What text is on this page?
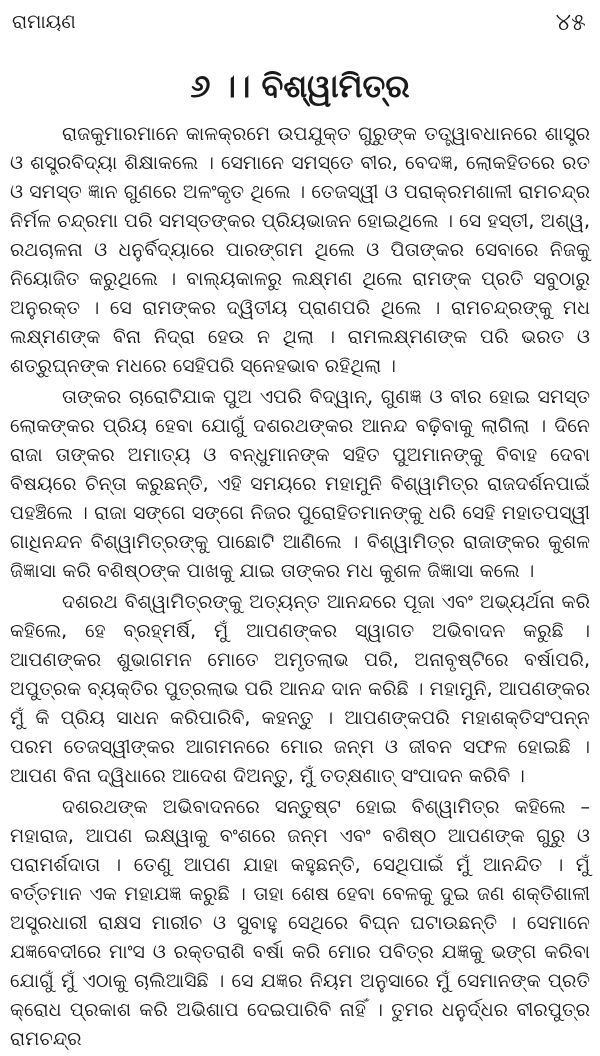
ରାମାୟଣ	୪୫
୬ ।। ବିଶ୍ୱାମିତ୍ର

ରାଜକୁମାରମାନେ କାଳକ୍ରମେ ଉପଯୁକ୍ତ ଗୁରୁଙ୍କ ତତ୍ତ୍ୱାବଧାନରେ ଶାସ୍ତ୍ର ଓ ଶସ୍ତ୍ରବିଦ୍ୟା ଶିକ୍ଷାକଲେ । ସେମାନେ ସମସ୍ତେ ବୀର, ବେଦଜ୍ଞ, ଲୋକହିତରେ ରତ ଓ ସମସ୍ତ ଜ୍ଞାନ ଗୁଣରେ ଅଳଂକୃତ ଥିଲେ । ତେଜସ୍ୱୀ ଓ ପରାକ୍ରମଶାଳୀ ରାମଚନ୍ଦ୍ର ନିର୍ମଳ ଚନ୍ଦ୍ରମା ପରି ସମସ୍ତଙ୍କର ପ୍ରିୟଭାଜନ ହୋଇଥିଲେ । ସେ ହସ୍ତୀ, ଅଶ୍ୱ, ରଥଚାଳନା ଓ ଧନୁର୍ବିଦ୍ୟାରେ ପାରଙ୍ଗମ ଥିଲେ ଓ ପିତାଙ୍କର ସେବାରେ ନିଜକୁ ନିୟୋଜିତ କରୁଥିଲେ । ବାଲ୍ୟକାଳରୁ ଲକ୍ଷ୍ମଣ ଥିଲେ ରାମଙ୍କ ପ୍ରତି ସବୁଠାରୁ ଅନୁରକ୍ତ । ସେ ରାମଙ୍କର ଦ୍ୱିତୀୟ ପ୍ରାଣପରି ଥିଲେ । ରାମଚନ୍ଦ୍ରଙ୍କୁ ମଧ ଲକ୍ଷ୍ମଣଙ୍କ ବିନା ନିଦ୍ରା ହେଉ ନ ଥିଲା । ରାମଲକ୍ଷ୍ମଣଙ୍କ ପରି ଭରତ ଓ ଶତ୍ରୁଘ୍ନଙ୍କ ମଧରେ ସେହିପରି ସ୍ନେହଭାବ ରହିଥିଲା ।

ତାଙ୍କର ଚାରୋଟିଯାକ ପୁଅ ଏପରି ବିଦ୍ୱାନ୍, ଗୁଣଜ୍ଞ ଓ ବୀର ହୋଇ ସମସ୍ତ ଲୋକଙ୍କର ପ୍ରିୟ ହେବା ଯୋଗୁଁ ଦଶରଥଙ୍କର ଆନନ୍ଦ ବଢ଼ିବାକୁ ଲାଗିଲା । ଦିନେ ରାଜା ତାଙ୍କର ଅମାତ୍ୟ ଓ ବନ୍ଧୁମାନଙ୍କ ସହିତ ପୁଅମାନଙ୍କୁ ବିବାହ ଦେବା ବିଷୟରେ ଚିନ୍ତା କରୁଛନ୍ତି, ଏହି ସମୟରେ ମହାମୁନି ବିଶ୍ୱାମିତ୍ର ରାଜଦର୍ଶନପାଇଁ ପହଞ୍ଚିଲେ । ରାଜା ସଙ୍ଗେ ସଙ୍ଗେ ନିଜର ପୁରୋହିତମାନଙ୍କୁ ଧରି ସେହି ମହାତପସ୍ୱୀ ଗାଧିନନ୍ଦନ ବିଶ୍ୱାମିତ୍ରଙ୍କୁ ପାଛୋଟି ଆଣିଲେ । ବିଶ୍ୱାମିତ୍ର ରାଜାଙ୍କର କୁଶଳ ଜିଜ୍ଞାସା କରି ବଶିଷ୍ଠଙ୍କ ପାଖକୁ ଯାଇ ତାଙ୍କର ମଧ କୁଶଳ ଜିଜ୍ଞାସା କଲେ ।

ଦଶରଥ ବିଶ୍ୱାମିତ୍ରଙ୍କୁ ଅତ୍ୟନ୍ତ ଆନନ୍ଦରେ ପୂଜା ଏବଂ ଅଭ୍ୟର୍ଥନା କରି କହିଲେ, ହେ ବ୍ରହ୍ମର୍ଷି, ମୁଁ ଆପଣଙ୍କର ସ୍ୱାଗତ ଅଭିବାଦନ କରୁଛି । ଆପଣଙ୍କର ଶୁଭାଗମନ ମୋତେ ଅମୃତଲାଭ ପରି, ଅନାବୃଷ୍ଟିରେ ବର୍ଷାପରି, ଅପୁତ୍ରକ ବ୍ୟକ୍ତିର ପୁତ୍ରଲାଭ ପରି ଆନନ୍ଦ ଦାନ କରିଛି । ମହାମୁନି, ଆପଣଙ୍କର ମୁଁ କି ପ୍ରିୟ ସାଧନ କରିପାରିବି, କହନ୍ତୁ । ଆପଣଙ୍କପରି ମହାଶକ୍ତିସଂପନ୍ନ ପରମ ତେଜସ୍ୱୀଙ୍କର ଆଗମନରେ ମୋର ଜନ୍ମ ଓ ଜୀବନ ସଫଳ ହୋଇଛି । ଆପଣ ବିନା ଦ୍ୱିଧାରେ ଆଦେଶ ଦିଅନ୍ତୁ, ମୁଁ ତତ୍‌କ୍ଷଣାତ୍ ସଂପାଦନ କରିବି ।

ଦଶରଥଙ୍କ ଅଭିବାଦନରେ ସନ୍ତୁଷ୍ଟ ହୋଇ ବିଶ୍ୱାମିତ୍ର କହିଲେ – ମହାରାଜ, ଆପଣ ଇକ୍ଷ୍ୱାକୁ ବଂଶରେ ଜନ୍ମ ଏବଂ ବଶିଷ୍ଠ ଆପଣଙ୍କ ଗୁରୁ ଓ ପରାମର୍ଶଦାତା । ତେଣୁ ଆପଣ ଯାହା କହୁଛନ୍ତି, ସେଥିପାଇଁ ମୁଁ ଆନନ୍ଦିତ । ମୁଁ ବର୍ତ୍ତମାନ ଏକ ମହାଯଜ୍ଞ କରୁଛି । ତାହା ଶେଷ ହେବା ବେଳକୁ ଦୁଇ ଜଣ ଶକ୍ତିଶାଳୀ ଅସ୍ତ୍ରଧାରୀ ରାକ୍ଷସ ମାରୀଚ ଓ ସୁବାହୁ ସେଥିରେ ବିଘ୍ନ ଘଟାଉଛନ୍ତି । ସେମାନେ ଯଜ୍ଞବେଦୀରେ ମାଂସ ଓ ରକ୍ତରାଶି ବର୍ଷା କରି ମୋର ପବିତ୍ର ଯଜ୍ଞକୁ ଭଙ୍ଗ କରିବା ଯୋଗୁଁ ମୁଁ ଏଠାକୁ ଚାଲିଆସିଛି । ସେ ଯଜ୍ଞର ନିୟମ ଅନୁସାରେ ମୁଁ ସେମାନଙ୍କ ପ୍ରତି କ୍ରୋଧ ପ୍ରକାଶ କରି ଅଭିଶାପ ଦେଇପାରିବି ନାହିଁ । ତୁମର ଧନୁର୍ଦ୍ଧର ବୀରପୁତ୍ର ରାମଚନ୍ଦ୍ର
